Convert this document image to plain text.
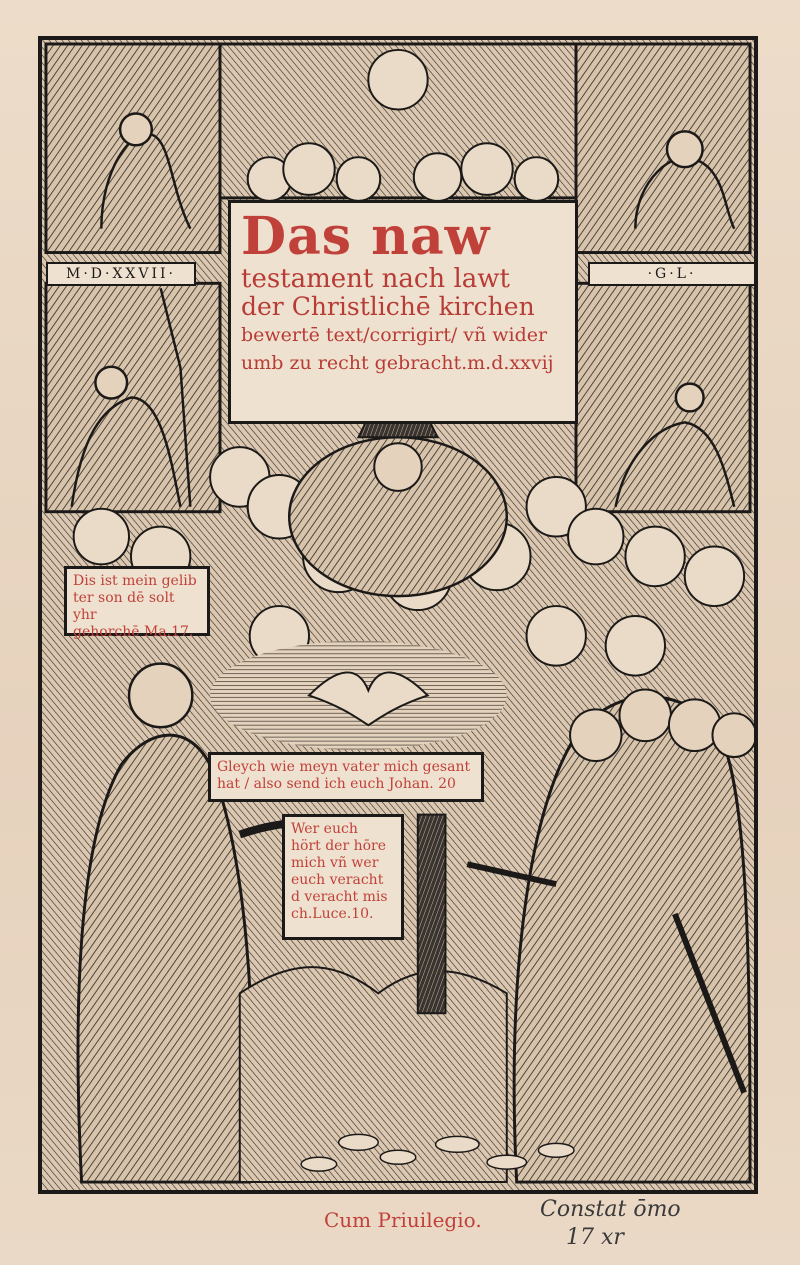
M·D·XXVII·	·G·L·
Das naw
testament nach lawt
der Christlichē kirchen
bewertē text/corrigirt/ vñ wider
umb zu recht gebracht.m.d.xxvij
Dis ist mein gelib
ter son dē solt yhr
gehorchē Ma.17.
Gleych wie meyn vater mich gesant
hat / also send ich euch Johan. 20
Wer euch
hört der hōre
mich vñ wer
euch veracht
d veracht mis
ch.Luce.10.
Cum Priuilegio.	Constat ōmo
17 xr
